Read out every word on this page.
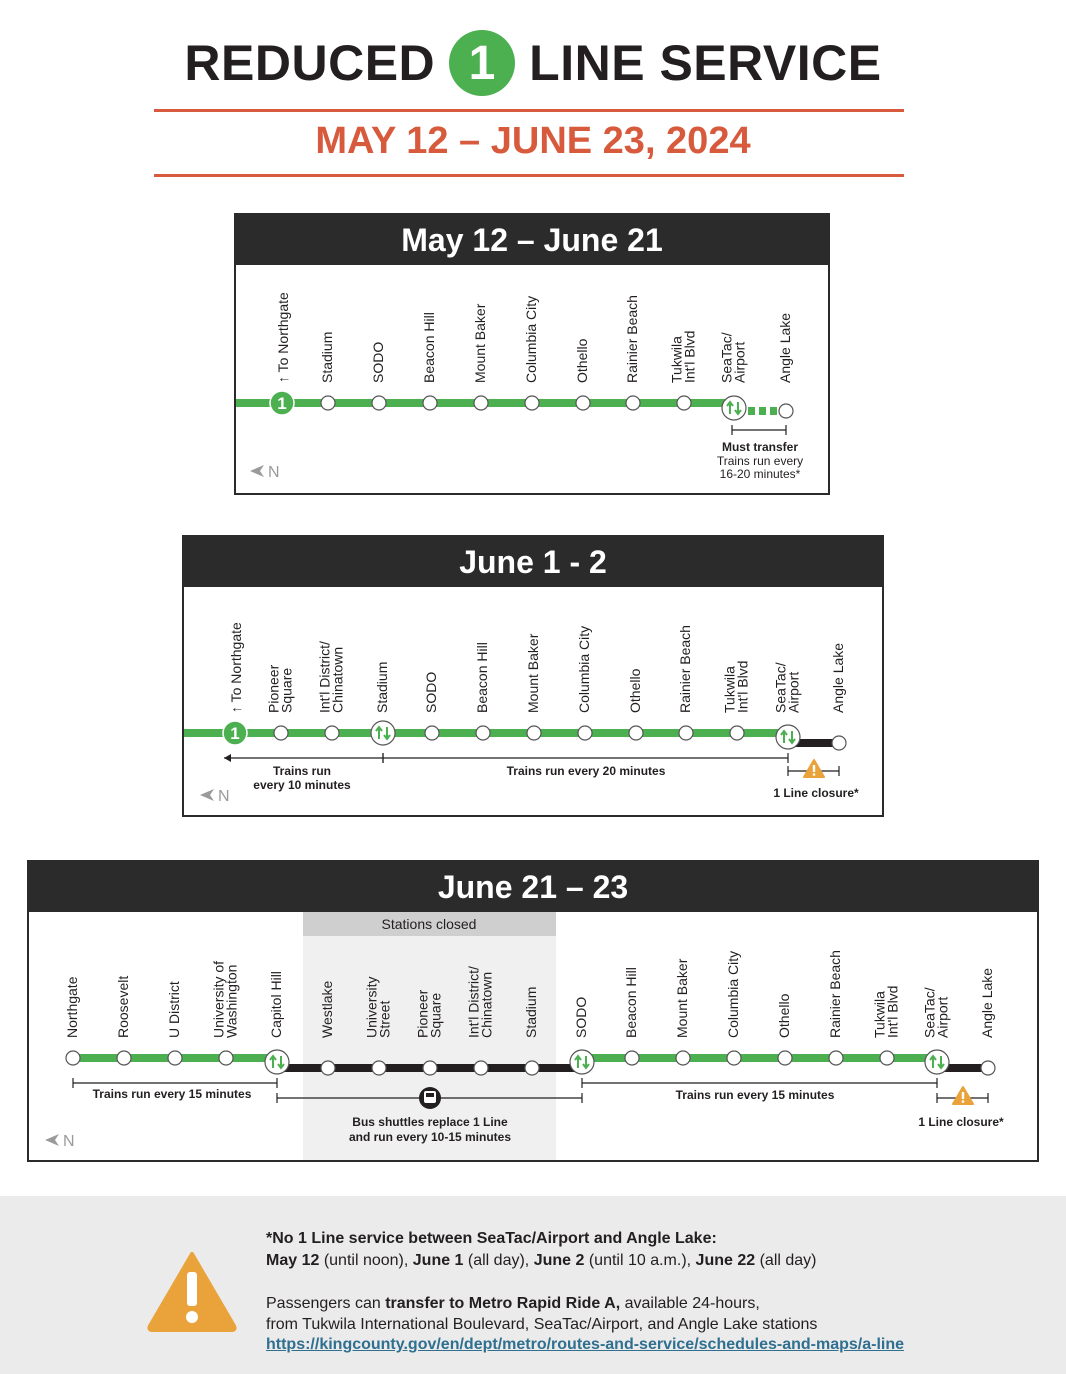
REDUCED 1 LINE SERVICE
MAY 12 – JUNE 23, 2024
May 12 – June 21
↑ To Northgate Stadium	SODO	Beacon Hill	Mount Baker	Columbia City	Othello Rainier Beach TukwilaInt'l Blvd SeaTac/Airport Angle Lake
1
Must transfer
Trains run every
16-20 minutes*
N
June 1 - 2
↑ To Northgate PioneerSquare Int'l District/Chinatown Stadium SODO	Beacon Hill	Mount Baker	Columbia City	Othello Rainier Beach TukwilaInt'l Blvd SeaTac/Airport Angle Lake
1
Trains run
every 10 minutes
Trains run every 20 minutes
1 Line closure*
N
June 21 – 23
Stations closed
Northgate	Roosevelt	U District University ofWashington Capitol Hill	Westlake UniversityStreet PioneerSquare Int'l District/Chinatown Stadium SODO Beacon Hill	Mount Baker	Columbia City	Othello	Rainier Beach TukwilaInt'l Blvd SeaTac/Airport Angle Lake
Trains run every 15 minutes
Bus shuttles replace 1 Line
and run every 10-15 minutes
Trains run every 15 minutes
1 Line closure*
N
*No 1 Line service between SeaTac/Airport and Angle Lake:
May 12 (until noon), June 1 (all day), June 2 (until 10 a.m.), June 22 (all day)
Passengers can transfer to Metro Rapid Ride A, available 24-hours,
from Tukwila International Boulevard, SeaTac/Airport, and Angle Lake stations
https://kingcounty.gov/en/dept/metro/routes-and-service/schedules-and-maps/a-line
